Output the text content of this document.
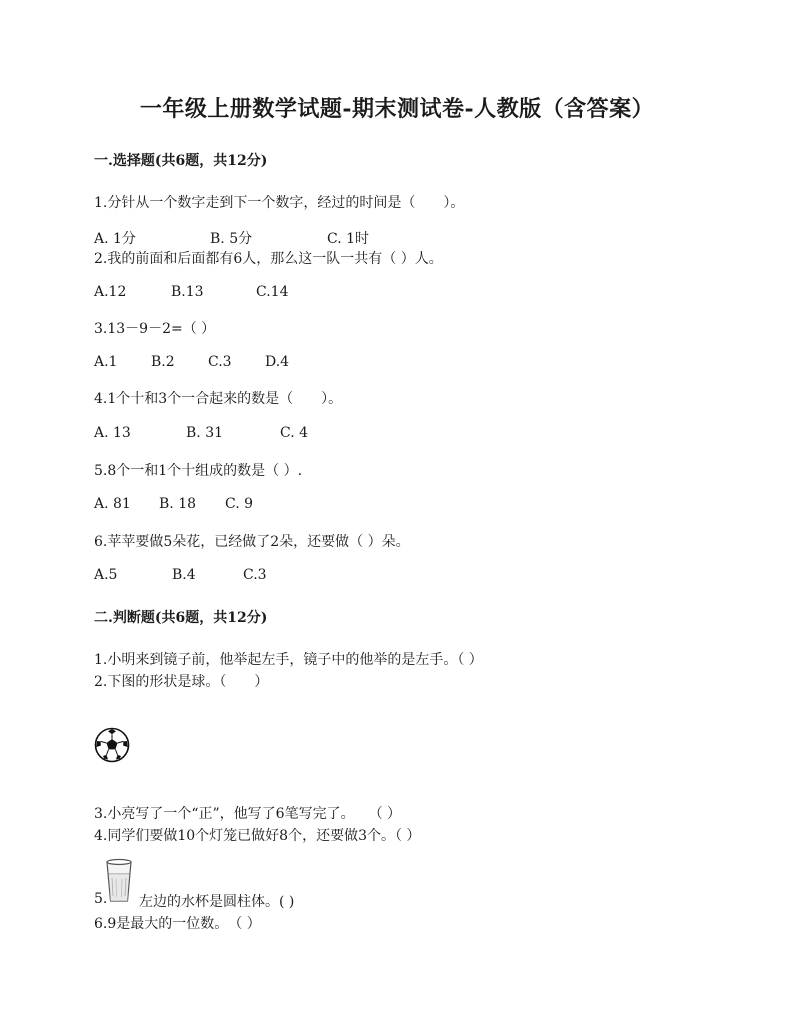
一年级上册数学试题-期末测试卷-人教版（含答案）
一.选择题(共6题，共12分)
1.分针从一个数字走到下一个数字，经过的时间是（　　）。
A. 1分	B. 5分	C. 1时
2.我的前面和后面都有6人，那么这一队一共有（ ）人。
A.12	B.13	C.14
3.13－9－2=（ ）
A.1 B.2 C.3 D.4
4.1个十和3个一合起来的数是（　　）。
A. 13	B. 31	C. 4
5.8个一和1个十组成的数是（ ）.
A. 81 B. 18 C. 9
6.苹苹要做5朵花，已经做了2朵，还要做（ ）朵。
A.5	B.4	C.3
二.判断题(共6题，共12分)
1.小明来到镜子前，他举起左手，镜子中的他举的是左手。（ ）
2.下图的形状是球。（　　）
3.小亮写了一个“正”，他写了6笔写完了。　　（ ）
4.同学们要做10个灯笼已做好8个，还要做3个。（ ）
5. 左边的水杯是圆柱体。( )
6.9是最大的一位数。　（ ）
